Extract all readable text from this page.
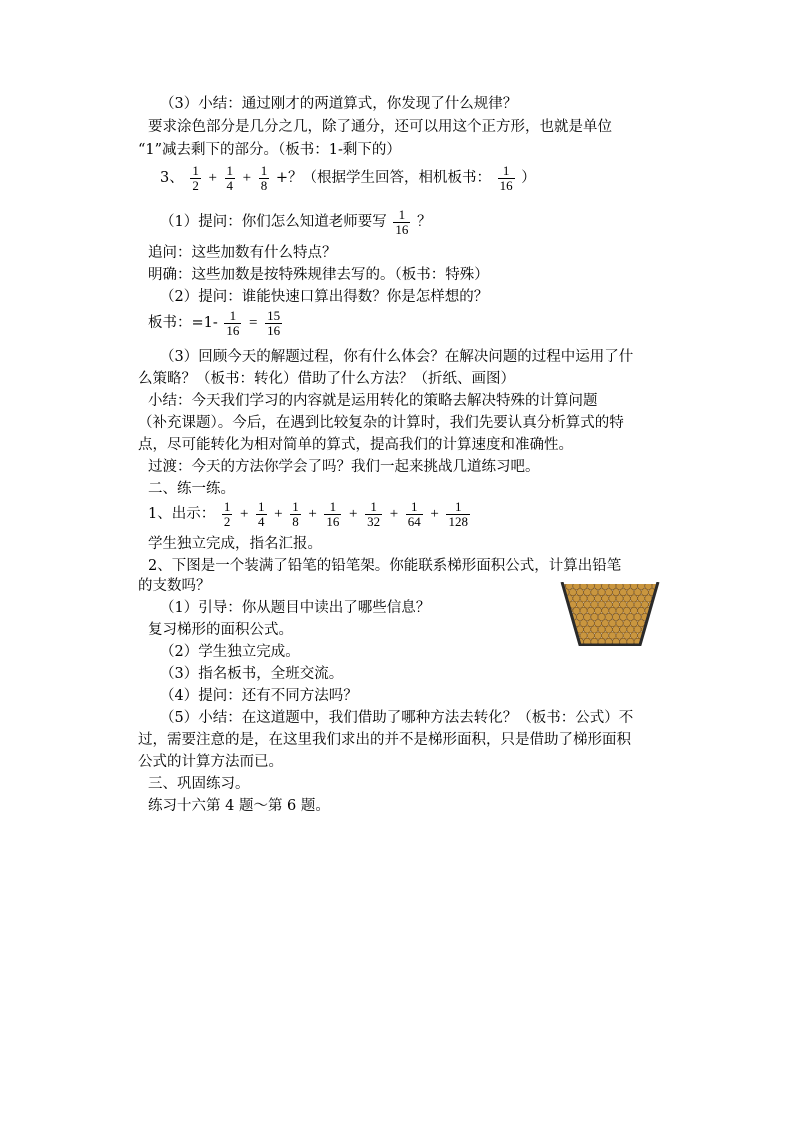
（3）小结：通过刚才的两道算式，你发现了什么规律？
要求涂色部分是几分之几，除了通分，还可以用这个正方形，也就是单位
“1”减去剩下的部分。（板书：1-剩下的）
3、 $\frac{1}{2} + \frac{1}{4} + \frac{1}{8}$ +？（根据学生回答，相机板书： $\frac{1}{16}$ ）
（1）提问：你们怎么知道老师要写 $\frac{1}{16}$ ？
追问：这些加数有什么特点？
明确：这些加数是按特殊规律去写的。（板书：特殊）
（2）提问：谁能快速口算出得数？你是怎样想的？
板书：$=1- \frac{1}{16} = \frac{15}{16}$
（3）回顾今天的解题过程，你有什么体会？在解决问题的过程中运用了什
么策略？（板书：转化）借助了什么方法？（折纸、画图）
小结：今天我们学习的内容就是运用转化的策略去解决特殊的计算问题
（补充课题）。今后，在遇到比较复杂的计算时，我们先要认真分析算式的特
点，尽可能转化为相对简单的算式，提高我们的计算速度和准确性。
过渡：今天的方法你学会了吗？我们一起来挑战几道练习吧。
二、练一练。
1、出示： $\frac{1}{2} + \frac{1}{4} + \frac{1}{8} + \frac{1}{16} + \frac{1}{32} + \frac{1}{64} + \frac{1}{128}$
学生独立完成，指名汇报。
2、下图是一个装满了铅笔的铅笔架。你能联系梯形面积公式，计算出铅笔
的支数吗？
（1）引导：你从题目中读出了哪些信息？
复习梯形的面积公式。
（2）学生独立完成。
（3）指名板书，全班交流。
（4）提问：还有不同方法吗？
（5）小结：在这道题中，我们借助了哪种方法去转化？（板书：公式）不
过，需要注意的是，在这里我们求出的并不是梯形面积，只是借助了梯形面积
公式的计算方法而已。
三、巩固练习。
练习十六第 4 题～第 6 题。
